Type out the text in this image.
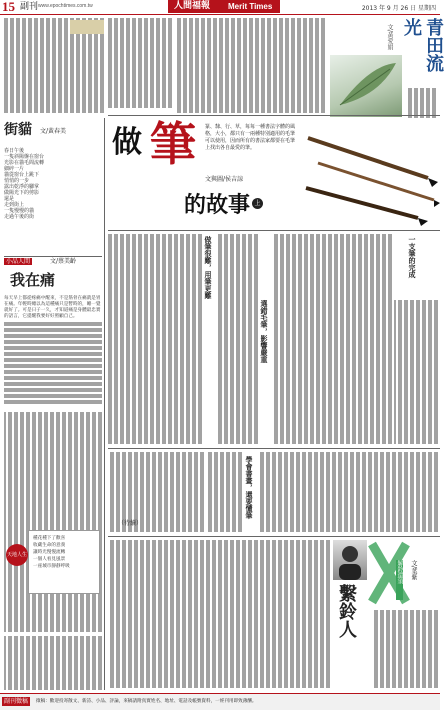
15 副刊 www.epochtimes.com.tw	人間福報 Merit Times	2013 年 9 月 26 日 星期四
青田流光
文/黃愛娟
街貓 文/黃春美
春日午後
一隻斜陽盤在窗台
光影在貓毛間流轉
細碎一片
貓從窗台上跳下
悄悄的一步
露出乾淨的腳掌
做陽光下的剪影
還是
走到街上
一隻慢慢的貓
走過午後的街
小品人間	文/蔡美齡
我在痛
每天早上都從疼痛中醒來，不是筋骨在痛就是胃在痛。年輕時總以為這種痛只是暫時的，睡一覺就好了。可是日子一久，才知道痛是身體最忠實的語言，它提醒我要好好照顧自己。
種花種下了歡喜
收藏生命的意義
讓時光慢慢流轉
一個人看見風景
一座城市靜靜呼吸
天地人生
做 筆
的故事 上
篆、隸、行、草，每每一種書法字體的風格，大小，都只有一兩種特別適用的毛筆可以使用，因而所有的書法家都要在毛筆上找出各自最愛的筆。
文與圖/侯吉諒
做筆很難，用筆更難
選錯毛筆，影響嚴重
一支筆的完成
學會書畫，還要懂筆
（待續）
繫鈴人
解鈴還須 文/葉紫
副刊徵稿	徵稿：歡迎投寄散文、新詩、小品、評論，來稿請附真實姓名、地址、電話及帳號資料，一經刊用即致薄酬。
